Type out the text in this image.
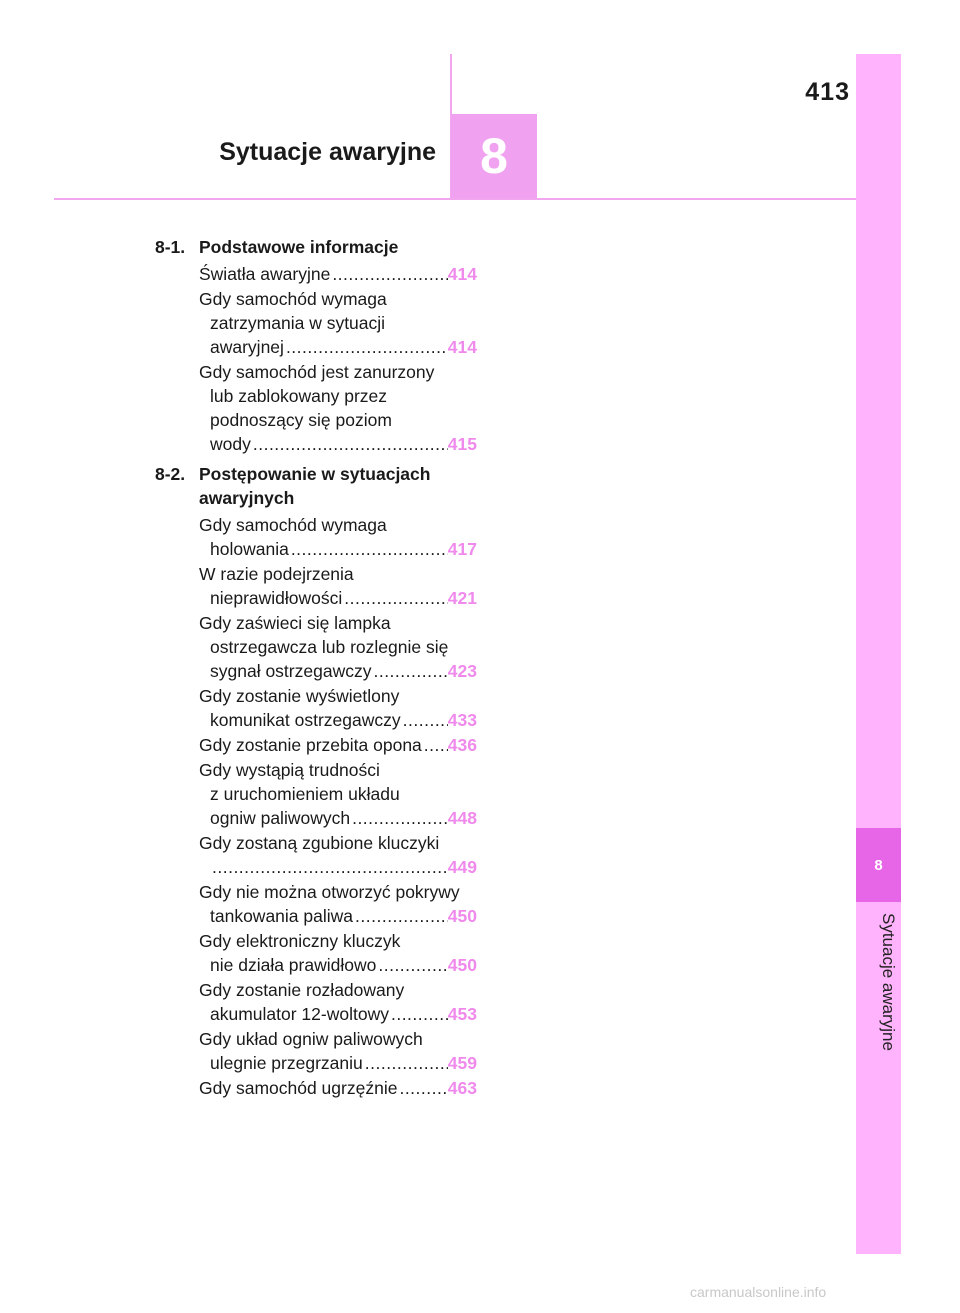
413
Sytuacje awaryjne 8
8
Sytuacje awaryjne
8-1. Podstawowe informacje
Światła awaryjne .....	414
Gdy samochód wymaga
zatrzymania w sytuacji
awaryjnej .....	414
Gdy samochód jest zanurzony
lub zablokowany przez
podnoszący się poziom
wody .....	415
8-2. Postępowanie w sytuacjach awaryjnych
Gdy samochód wymaga
holowania .....	417
W razie podejrzenia
nieprawidłowości .....	421
Gdy zaświeci się lampka
ostrzegawcza lub rozlegnie się
sygnał ostrzegawczy .....	423
Gdy zostanie wyświetlony
komunikat ostrzegawczy .....	433
Gdy zostanie przebita opona ..... 436
Gdy wystąpią trudności
z uruchomieniem układu
ogniw paliwowych .....	448
Gdy zostaną zgubione kluczyki
.....
449
Gdy nie można otworzyć pokrywy
tankowania paliwa .....	450
Gdy elektroniczny kluczyk
nie działa prawidłowo .....	450
Gdy zostanie rozładowany
akumulator 12-woltowy .....	453
Gdy układ ogniw paliwowych
ulegnie przegrzaniu .....	459
Gdy samochód ugrzęźnie .....	463
carmanualsonline.info
